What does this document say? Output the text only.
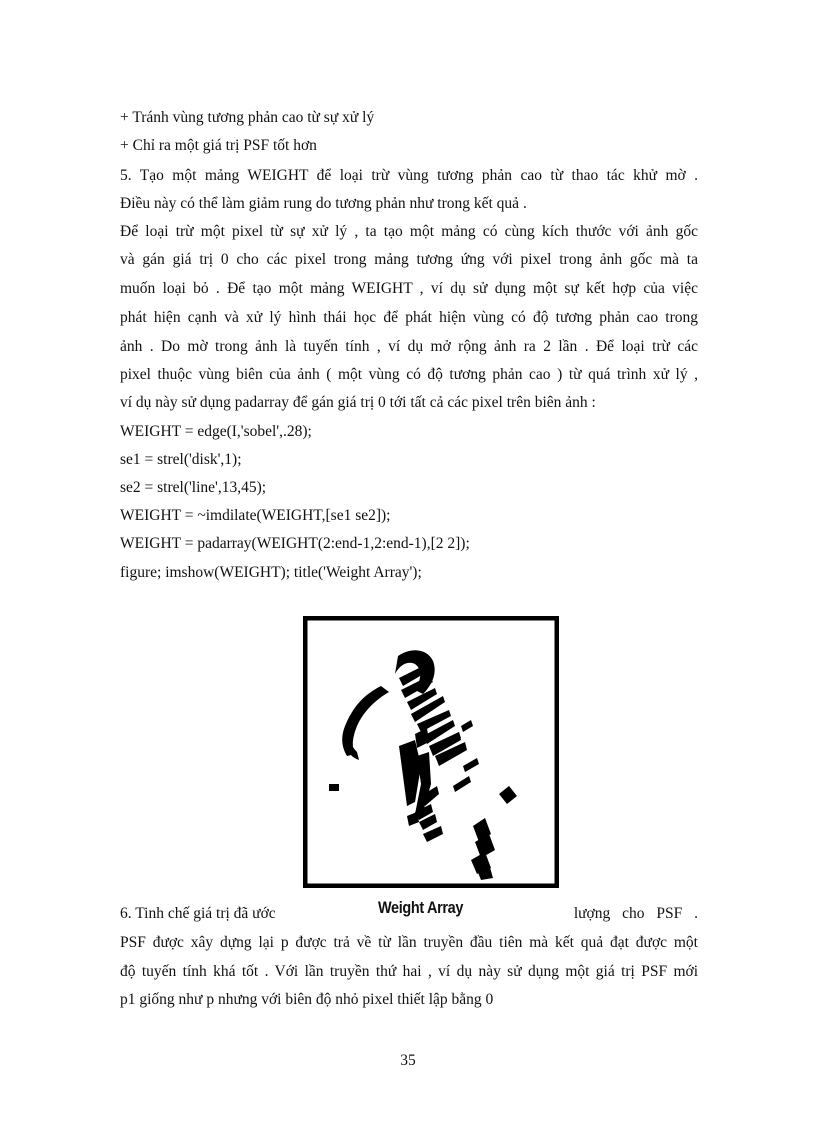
+ Tránh vùng tương phản cao từ sự xử lý
+ Chỉ ra một giá trị PSF tốt hơn
5. Tạo một mảng WEIGHT để loại trừ vùng tương phản cao từ thao tác khử mờ .
Điều này có thể làm giảm rung do tương phản như trong kết quả .
Để loại trừ một pixel từ sự xử lý , ta tạo một mảng có cùng kích thước với ảnh gốc
và gán giá trị 0 cho các pixel trong mảng tương ứng với pixel trong ảnh gốc mà ta
muốn loại bỏ . Để tạo một mảng WEIGHT , ví dụ sử dụng một sự kết hợp của việc
phát hiện cạnh và xử lý hình thái học để phát hiện vùng có độ tương phản cao trong
ảnh . Do mờ trong ảnh là tuyến tính , ví dụ mở rộng ảnh ra 2 lần . Để loại trừ các
pixel thuộc vùng biên của ảnh ( một vùng có độ tương phản cao ) từ quá trình xử lý ,
ví dụ này sử dụng padarray để gán giá trị 0 tới tất cả các pixel trên biên ảnh :
WEIGHT = edge(I,'sobel',.28);
se1 = strel('disk',1);
se2 = strel('line',13,45);
WEIGHT = ~imdilate(WEIGHT,[se1 se2]);
WEIGHT = padarray(WEIGHT(2:end-1,2:end-1),[2 2]);
figure; imshow(WEIGHT); title('Weight Array');
6. Tinh chế giá trị đã ước	Weight Array	lượng cho PSF .
PSF được xây dựng lại p được trả về từ lần truyền đầu tiên mà kết quả đạt được một
độ tuyến tính khá tốt . Với lần truyền thứ hai , ví dụ này sử dụng một giá trị PSF mới
p1 giống như p nhưng với biên độ nhỏ pixel thiết lập bằng 0
35
